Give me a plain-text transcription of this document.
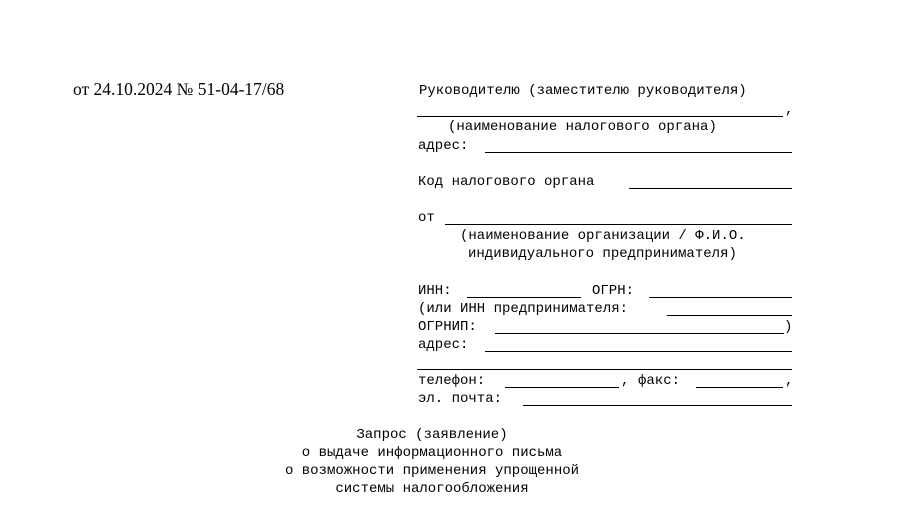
от 24.10.2024 № 51-04-17/68	Руководителю (заместителю руководителя)
,
(наименование налогового органа)
адрес:
Код налогового органа
от
(наименование организации / Ф.И.О.
индивидуального предпринимателя)
ИНН:	ОГРН:
(или ИНН предпринимателя:
ОГРНИП:	)
адрес:
телефон:	, факс:	,
эл. почта:
Запрос (заявление)
о выдаче информационного письма
о возможности применения упрощенной
системы налогообложения
